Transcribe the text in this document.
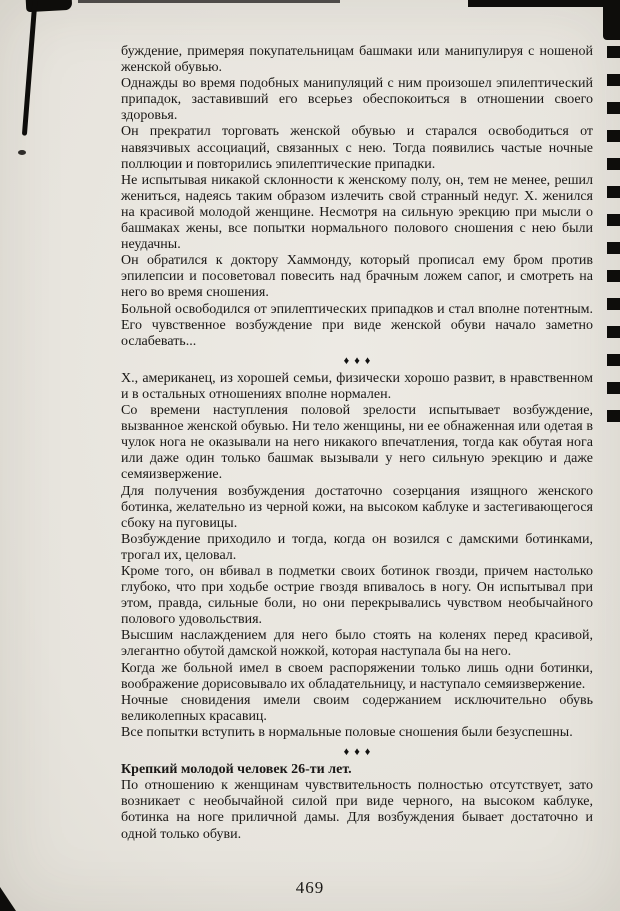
буждение, примеряя покупательницам башмаки или манипулируя с ношеной женской обувью.

Однажды во время подобных манипуляций с ним произошел эпилептический припадок, заставивший его всерьез обеспокоиться в отношении своего здоровья.

Он прекратил торговать женской обувью и старался освободиться от навязчивых ассоциаций, связанных с нею. Тогда появились частые ночные поллюции и повторились эпилептические припадки.

Не испытывая никакой склонности к женскому полу, он, тем не менее, решил жениться, надеясь таким образом излечить свой странный недуг. Х. женился на красивой молодой женщине. Несмотря на сильную эрекцию при мысли о башмаках жены, все попытки нормального полового сношения с нею были неудачны.

Он обратился к доктору Хаммонду, который прописал ему бром против эпилепсии и посоветовал повесить над брачным ложем сапог, и смотреть на него во время сношения.

Больной освободился от эпилептических припадков и стал вполне потентным. Его чувственное возбуждение при виде женской обуви начало заметно ослабевать...

♦♦♦

Х., американец, из хорошей семьи, физически хорошо развит, в нравственном и в остальных отношениях вполне нормален.

Со времени наступления половой зрелости испытывает возбуждение, вызванное женской обувью. Ни тело женщины, ни ее обнаженная или одетая в чулок нога не оказывали на него никакого впечатления, тогда как обутая нога или даже один только башмак вызывали у него сильную эрекцию и даже семяизвержение.

Для получения возбуждения достаточно созерцания изящного женского ботинка, желательно из черной кожи, на высоком каблуке и застегивающегося сбоку на пуговицы.

Возбуждение приходило и тогда, когда он возился с дамскими ботинками, трогал их, целовал.

Кроме того, он вбивал в подметки своих ботинок гвозди, причем настолько глубоко, что при ходьбе острие гвоздя впивалось в ногу. Он испытывал при этом, правда, сильные боли, но они перекрывались чувством необычайного полового удовольствия.

Высшим наслаждением для него было стоять на коленях перед красивой, элегантно обутой дамской ножкой, которая наступала бы на него.

Когда же больной имел в своем распоряжении только лишь одни ботинки, воображение дорисовывало их обладательницу, и наступало семяизвержение.

Ночные сновидения имели своим содержанием исключительно обувь великолепных красавиц.

Все попытки вступить в нормальные половые сношения были безуспешны.

♦♦♦

Крепкий молодой человек 26-ти лет.

По отношению к женщинам чувствительность полностью отсутствует, зато возникает с необычайной силой при виде черного, на высоком каблуке, ботинка на ноге приличной дамы. Для возбуждения бывает достаточно и одной только обуви.

469
